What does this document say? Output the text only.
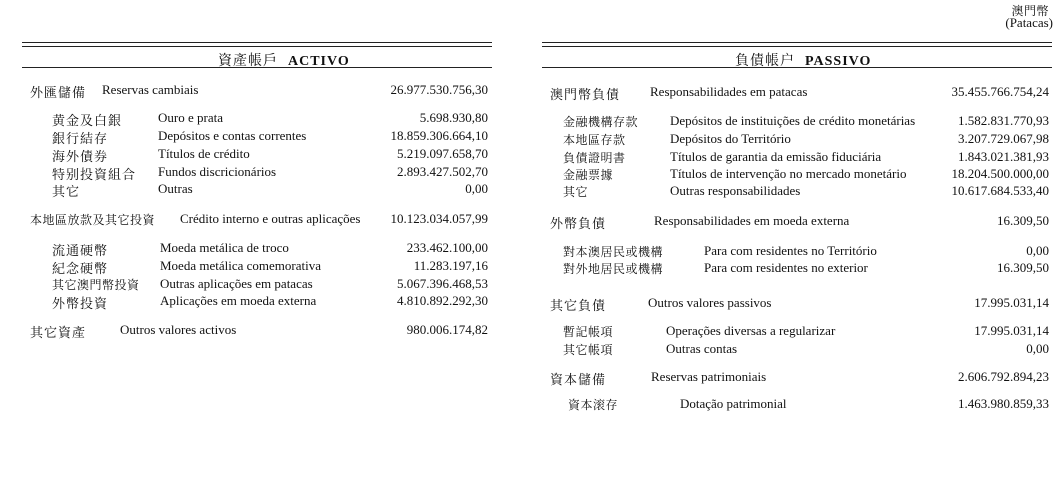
澳門幣
(Patacas)
資產帳戶 ACTIVO	負債帳户 PASSIVO
外匯儲備 Reservas cambiais	26.977.530.756,30
黄金及白銀	Ouro e prata	5.698.930,80
銀行結存	Depósitos e contas correntes	18.859.306.664,10
海外債券	Títulos de crédito	5.219.097.658,70
特别投資組合 Fundos discricionários	2.893.427.502,70
其它	Outras	0,00
本地區放款及其它投資 Crédito interno e outras aplicações 10.123.034.057,99
流通硬幣	Moeda metálica de troco	233.462.100,00
紀念硬幣	Moeda metálica comemorativa	11.283.197,16
其它澳門幣投資 Outras aplicações em patacas	5.067.396.468,53
外幣投資	Aplicações em moeda externa	4.810.892.292,30
其它資產	Outros valores activos	980.006.174,82
澳門幣負債 Responsabilidades em patacas	35.455.766.754,24
金融機構存款 Depósitos de instituições de crédito monetárias	1.582.831.770,93
本地區存款	Depósitos do Território	3.207.729.067,98
負債證明書	Títulos de garantia da emissão fiduciária	1.843.021.381,93
金融票據	Títulos de intervenção no mercado monetário	18.204.500.000,00
其它	Outras responsabilidades	10.617.684.533,40
外幣負債	Responsabilidades em moeda externa	16.309,50
對本澳居民或機構	Para com residentes no Território	0,00
對外地居民或機構	Para com residentes no exterior	16.309,50
其它負債	Outros valores passivos	17.995.031,14
暫記帳項	Operações diversas a regularizar	17.995.031,14
其它帳項	Outras contas	0,00
資本儲備	Reservas patrimoniais	2.606.792.894,23
資本滚存	Dotação patrimonial	1.463.980.859,33
